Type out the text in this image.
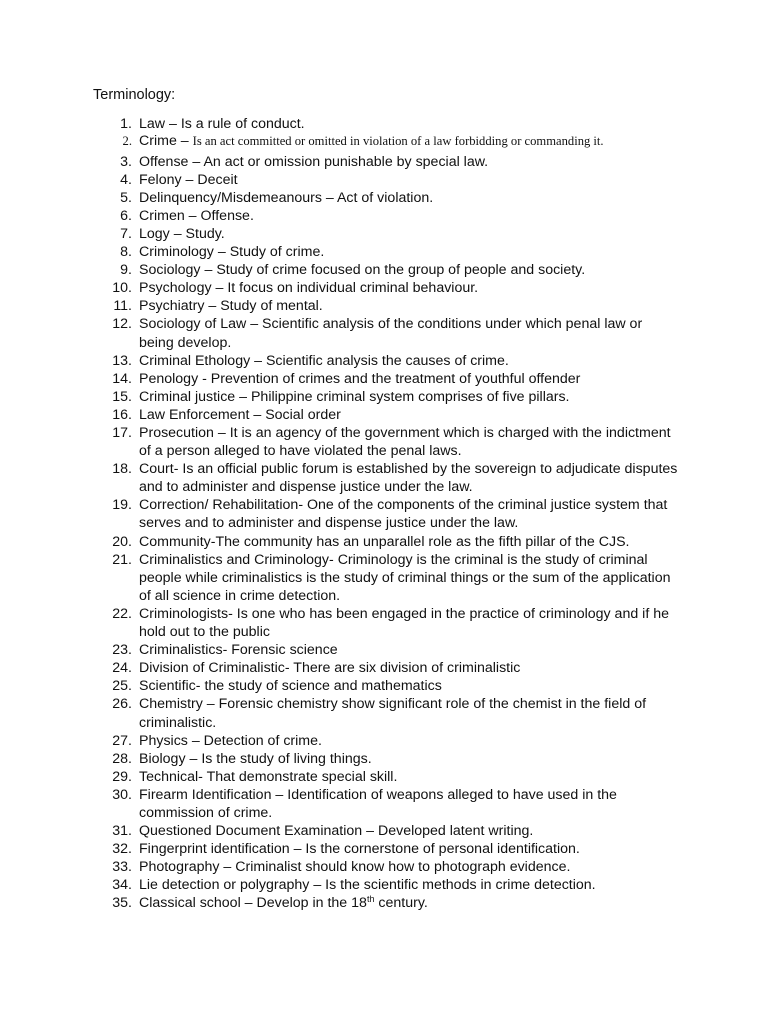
Terminology:
1. Law – Is a rule of conduct.
2. Crime – Is an act committed or omitted in violation of a law forbidding or commanding it.
3. Offense – An act or omission punishable by special law.
4. Felony – Deceit
5. Delinquency/Misdemeanours – Act of violation.
6. Crimen – Offense.
7. Logy – Study.
8. Criminology – Study of crime.
9. Sociology – Study of crime focused on the group of people and society.
10. Psychology – It focus on individual criminal behaviour.
11. Psychiatry – Study of mental.
12. Sociology of Law – Scientific analysis of the conditions under which penal law or being develop.
13. Criminal Ethology – Scientific analysis the causes of crime.
14. Penology - Prevention of crimes and the treatment of youthful offender
15. Criminal justice – Philippine criminal system comprises of five pillars.
16. Law Enforcement – Social order
17. Prosecution – It is an agency of the government which is charged with the indictment of a person alleged to have violated the penal laws.
18. Court- Is an official public forum is established by the sovereign to adjudicate disputes and to administer and dispense justice under the law.
19. Correction/ Rehabilitation- One of the components of the criminal justice system that serves and to administer and dispense justice under the law.
20. Community-The community has an unparallel role as the fifth pillar of the CJS.
21. Criminalistics and Criminology- Criminology is the criminal is the study of criminal people while criminalistics is the study of criminal things or the sum of the application of all science in crime detection.
22. Criminologists- Is one who has been engaged in the practice of criminology and if he hold out to the public
23. Criminalistics- Forensic science
24. Division of Criminalistic- There are six division of criminalistic
25. Scientific- the study of science and mathematics
26. Chemistry – Forensic chemistry show significant role of the chemist in the field of criminalistic.
27. Physics – Detection of crime.
28. Biology – Is the study of living things.
29. Technical- That demonstrate special skill.
30. Firearm Identification – Identification of weapons alleged to have used in the commission of crime.
31. Questioned Document Examination – Developed latent writing.
32. Fingerprint identification – Is the cornerstone of personal identification.
33. Photography – Criminalist should know how to photograph evidence.
34. Lie detection or polygraphy – Is the scientific methods in crime detection.
35. Classical school – Develop in the 18th century.
